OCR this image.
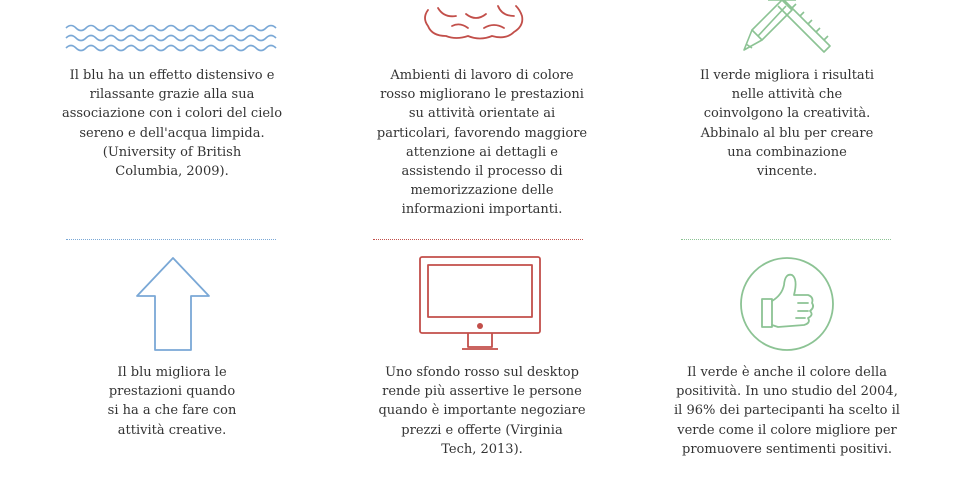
Il blu ha un effetto distensivo e
rilassante grazie alla sua
associazione con i colori del cielo
sereno e dell'acqua limpida.
(University of British
Columbia, 2009).
Ambienti di lavoro di colore
rosso migliorano le prestazioni
su attività orientate ai
particolari, favorendo maggiore
attenzione ai dettagli e
assistendo il processo di
memorizzazione delle
informazioni importanti.
Il verde migliora i risultati
nelle attività che
coinvolgono la creatività.
Abbinalo al blu per creare
una combinazione
vincente.
Il blu migliora le
prestazioni quando
si ha a che fare con
attività creative.
Uno sfondo rosso sul desktop
rende più assertive le persone
quando è importante negoziare
prezzi e offerte (Virginia
Tech, 2013).
Il verde è anche il colore della
positività. In uno studio del 2004,
il 96% dei partecipanti ha scelto il
verde come il colore migliore per
promuovere sentimenti positivi.
